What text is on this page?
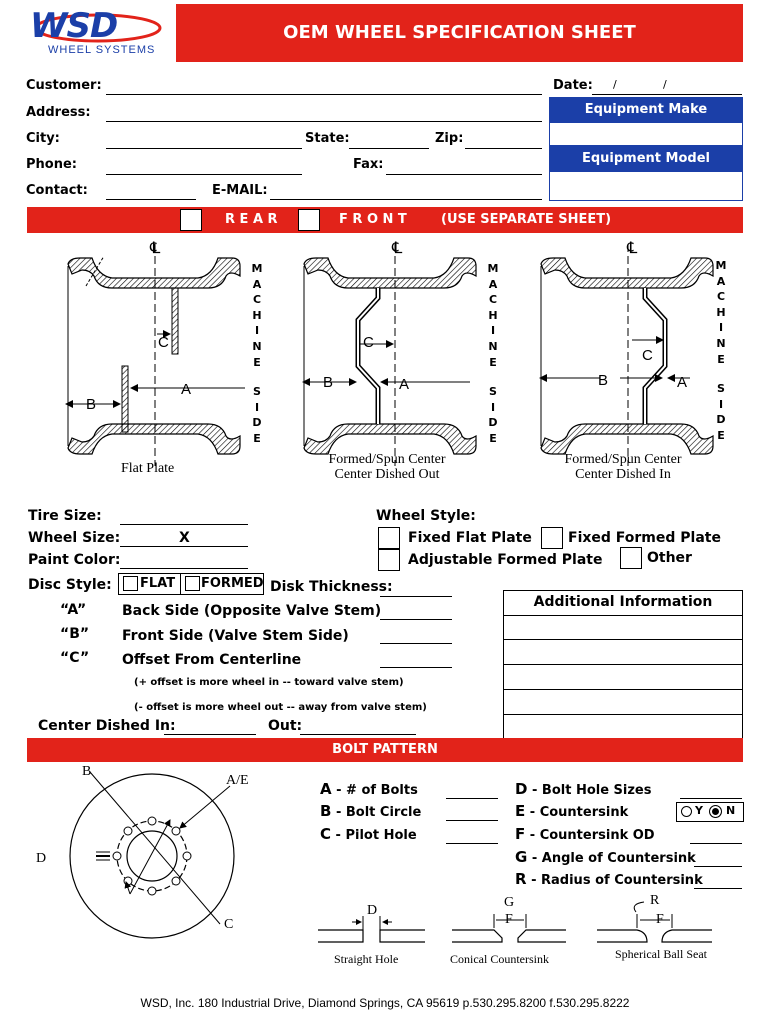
WSD
WHEEL SYSTEMS
OEM WHEEL SPECIFICATION SHEET
Customer:	Date: /	/
Address:
City:	State:	Zip:
Phone:	Fax:
Contact:	E-MAIL:
Equipment Make
Equipment Model
R E A R	F R O N T	(USE SEPARATE SHEET)
℄	℄	℄
C
A
B
C
B	A
C
B	A
M
A
C
H
I
N
E
S
I
D
E
M
A
C
H
I
N
E
S
I
D
E
M
A
C
H
I
N
E
S
I
D
E
Flat Plate
Formed/Spun Center
Center Dished Out
Formed/Spun Center
Center Dished In
Tire Size:
Wheel Size:	X
Paint Color:
Disc Style: FLAT FORMED Disk Thickness:
“A”	Back Side (Opposite Valve Stem)
“B” Front Side (Valve Stem Side)
“C” Offset From Centerline
(+ offset is more wheel in -- toward valve stem)
(- offset is more wheel out -- away from valve stem)
Center Dished In:	Out:
Wheel Style:
Fixed Flat Plate	Fixed Formed Plate
Adjustable Formed Plate	Other
Additional Information
BOLT PATTERN
B
A/E
D
C
A - # of Bolts
B - Bolt Circle
C - Pilot Hole
D - Bolt Hole Sizes
E - Countersink	Y N
F - Countersink OD
G - Angle of Countersink
R - Radius of Countersink
D
G
F
R
F
Straight Hole	Conical Countersink	Spherical Ball Seat
WSD, Inc. 180 Industrial Drive, Diamond Springs, CA 95619 p.530.295.8200 f.530.295.8222
